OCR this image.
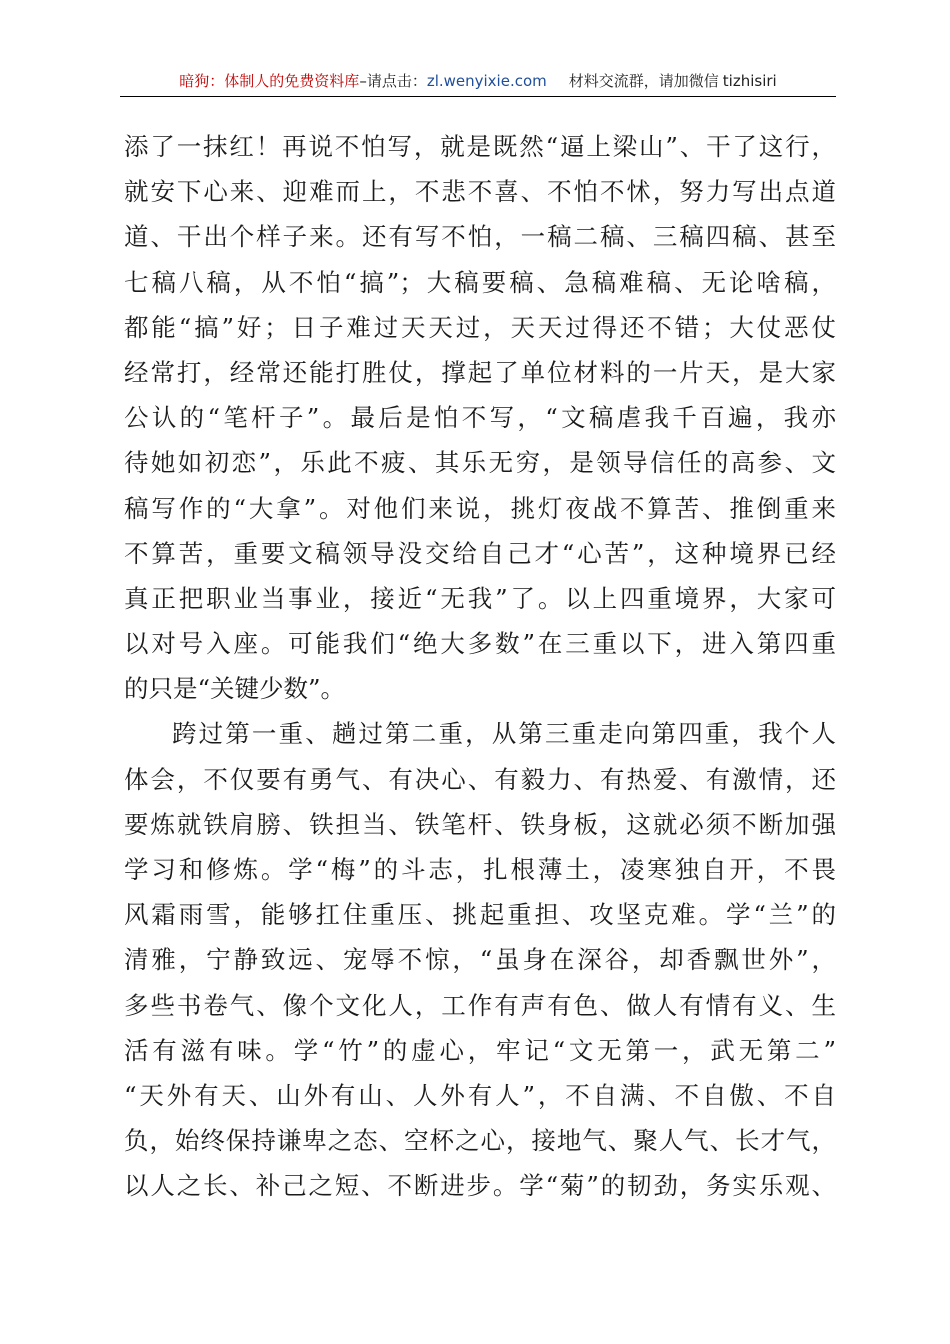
暗狗：体制人的免费资料库–请点击：zl.wenyixie.com 材料交流群，请加微信 tizhisiri
添了一抹红！再说不怕写，就是既然“逼上梁山”、干了这行，
就安下心来、迎难而上，不悲不喜、不怕不怵，努力写出点道
道、干出个样子来。还有写不怕，一稿二稿、三稿四稿、甚至
七稿八稿，从不怕“搞”；大稿要稿、急稿难稿、无论啥稿，
都能“搞”好；日子难过天天过，天天过得还不错；大仗恶仗
经常打，经常还能打胜仗，撑起了单位材料的一片天，是大家
公认的“笔杆子”。最后是怕不写，“文稿虐我千百遍，我亦
待她如初恋”，乐此不疲、其乐无穷，是领导信任的高参、文
稿写作的“大拿”。对他们来说，挑灯夜战不算苦、推倒重来
不算苦，重要文稿领导没交给自己才“心苦”，这种境界已经
真正把职业当事业，接近“无我”了。以上四重境界，大家可
以对号入座。可能我们“绝大多数”在三重以下，进入第四重
的只是“关键少数”。
跨过第一重、趟过第二重，从第三重走向第四重，我个人
体会，不仅要有勇气、有决心、有毅力、有热爱、有激情，还
要炼就铁肩膀、铁担当、铁笔杆、铁身板，这就必须不断加强
学习和修炼。学“梅”的斗志，扎根薄土，凌寒独自开，不畏
风霜雨雪，能够扛住重压、挑起重担、攻坚克难。学“兰”的
清雅，宁静致远、宠辱不惊，“虽身在深谷，却香飘世外”，
多些书卷气、像个文化人，工作有声有色、做人有情有义、生
活有滋有味。学“竹”的虚心，牢记“文无第一，武无第二”
“天外有天、山外有山、人外有人”，不自满、不自傲、不自
负，始终保持谦卑之态、空杯之心，接地气、聚人气、长才气，
以人之长、补己之短、不断进步。学“菊”的韧劲，务实乐观、
